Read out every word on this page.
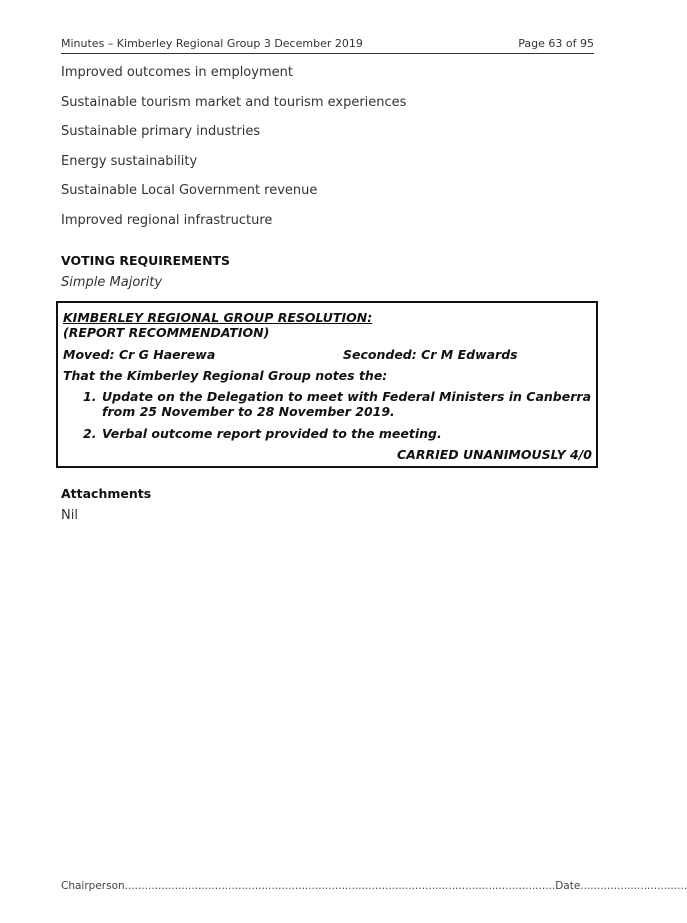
Minutes – Kimberley Regional Group 3 December 2019	Page 63 of 95
Improved outcomes in employment
Sustainable tourism market and tourism experiences
Sustainable primary industries
Energy sustainability
Sustainable Local Government revenue
Improved regional infrastructure
VOTING REQUIREMENTS
Simple Majority
KIMBERLEY REGIONAL GROUP RESOLUTION:
(REPORT RECOMMENDATION)
Moved: Cr G Haerewa	Seconded: Cr M Edwards
That the Kimberley Regional Group notes the:
1. Update on the Delegation to meet with Federal Ministers in Canberra from 25 November to 28 November 2019.
2. Verbal outcome report provided to the meeting.
CARRIED UNANIMOUSLY 4/0
Attachments
Nil
Chairperson.................................................................................................................................Date................................
